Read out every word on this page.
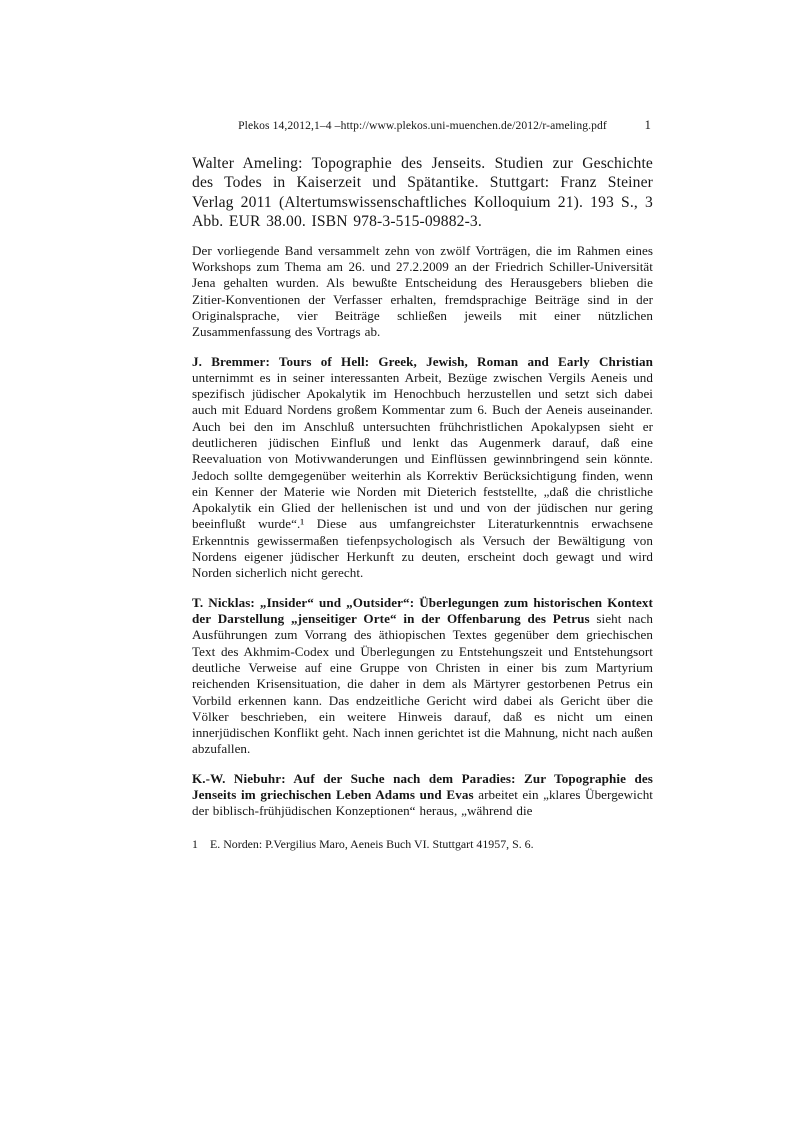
Plekos 14,2012,1–4 –http://www.plekos.uni-muenchen.de/2012/r-ameling.pdf	1
Walter Ameling: Topographie des Jenseits. Studien zur Geschichte des Todes in Kaiserzeit und Spätantike. Stuttgart: Franz Steiner Verlag 2011 (Altertumswissenschaftliches Kolloquium 21). 193 S., 3 Abb. EUR 38.00. ISBN 978-3-515-09882-3.

Der vorliegende Band versammelt zehn von zwölf Vorträgen, die im Rahmen eines Workshops zum Thema am 26. und 27.2.2009 an der Friedrich Schiller-Universität Jena gehalten wurden. Als bewußte Entscheidung des Herausgebers blieben die Zitier-Konventionen der Verfasser erhalten, fremdsprachige Beiträge sind in der Originalsprache, vier Beiträge schließen jeweils mit einer nützlichen Zusammenfassung des Vortrags ab.

J. Bremmer: Tours of Hell: Greek, Jewish, Roman and Early Christian unternimmt es in seiner interessanten Arbeit, Bezüge zwischen Vergils Aeneis und spezifisch jüdischer Apokalytik im Henochbuch herzustellen und setzt sich dabei auch mit Eduard Nordens großem Kommentar zum 6. Buch der Aeneis auseinander. Auch bei den im Anschluß untersuchten frühchristlichen Apokalypsen sieht er deutlicheren jüdischen Einfluß und lenkt das Augenmerk darauf, daß eine Reevaluation von Motivwanderungen und Einflüssen gewinnbringend sein könnte. Jedoch sollte demgegenüber weiterhin als Korrektiv Berücksichtigung finden, wenn ein Kenner der Materie wie Norden mit Dieterich feststellte, „daß die christliche Apokalytik ein Glied der hellenischen ist und und von der jüdischen nur gering beeinflußt wurde“.¹ Diese aus umfangreichster Literaturkenntnis erwachsene Erkenntnis gewissermaßen tiefenpsychologisch als Versuch der Bewältigung von Nordens eigener jüdischer Herkunft zu deuten, erscheint doch gewagt und wird Norden sicherlich nicht gerecht.

T. Nicklas: „Insider“ und „Outsider“: Überlegungen zum historischen Kontext der Darstellung „jenseitiger Orte“ in der Offenbarung des Petrus sieht nach Ausführungen zum Vorrang des äthiopischen Textes gegenüber dem griechischen Text des Akhmim-Codex und Überlegungen zu Entstehungszeit und Entstehungsort deutliche Verweise auf eine Gruppe von Christen in einer bis zum Martyrium reichenden Krisensituation, die daher in dem als Märtyrer gestorbenen Petrus ein Vorbild erkennen kann. Das endzeitliche Gericht wird dabei als Gericht über die Völker beschrieben, ein weitere Hinweis darauf, daß es nicht um einen innerjüdischen Konflikt geht. Nach innen gerichtet ist die Mahnung, nicht nach außen abzufallen.

K.-W. Niebuhr: Auf der Suche nach dem Paradies: Zur Topographie des Jenseits im griechischen Leben Adams und Evas arbeitet ein „klares Übergewicht der biblisch-frühjüdischen Konzeptionen“ heraus, „während die

1	E. Norden: P.Vergilius Maro, Aeneis Buch VI. Stuttgart 41957, S. 6.
